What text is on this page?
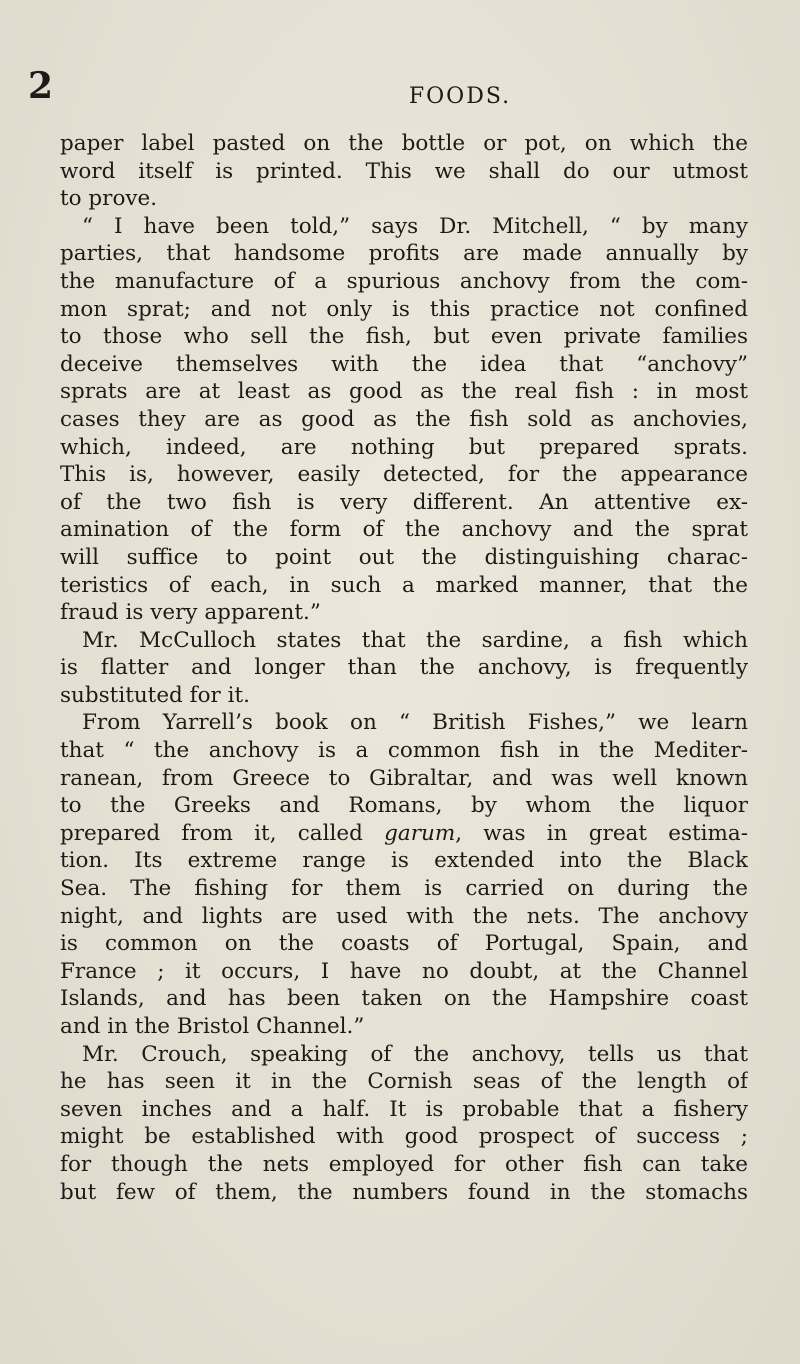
2	FOODS.
paper label pasted on the bottle or pot, on which the
word itself is printed. This we shall do our utmost
to prove.
“ I have been told,” says Dr. Mitchell, “ by many
parties, that handsome profits are made annually by
the manufacture of a spurious anchovy from the com-
mon sprat; and not only is this practice not confined
to those who sell the fish, but even private families
deceive themselves with the idea that “anchovy”
sprats are at least as good as the real fish : in most
cases they are as good as the fish sold as anchovies,
which, indeed, are nothing but prepared sprats.
This is, however, easily detected, for the appearance
of the two fish is very different. An attentive ex-
amination of the form of the anchovy and the sprat
will suffice to point out the distinguishing charac-
teristics of each, in such a marked manner, that the
fraud is very apparent.”
Mr. McCulloch states that the sardine, a fish which
is flatter and longer than the anchovy, is frequently
substituted for it.
From Yarrell’s book on “ British Fishes,” we learn
that “ the anchovy is a common fish in the Mediter-
ranean, from Greece to Gibraltar, and was well known
to the Greeks and Romans, by whom the liquor
prepared from it, called garum, was in great estima-
tion. Its extreme range is extended into the Black
Sea. The fishing for them is carried on during the
night, and lights are used with the nets. The anchovy
is common on the coasts of Portugal, Spain, and
France ; it occurs, I have no doubt, at the Channel
Islands, and has been taken on the Hampshire coast
and in the Bristol Channel.”
Mr. Crouch, speaking of the anchovy, tells us that
he has seen it in the Cornish seas of the length of
seven inches and a half. It is probable that a fishery
might be established with good prospect of success ;
for though the nets employed for other fish can take
but few of them, the numbers found in the stomachs
